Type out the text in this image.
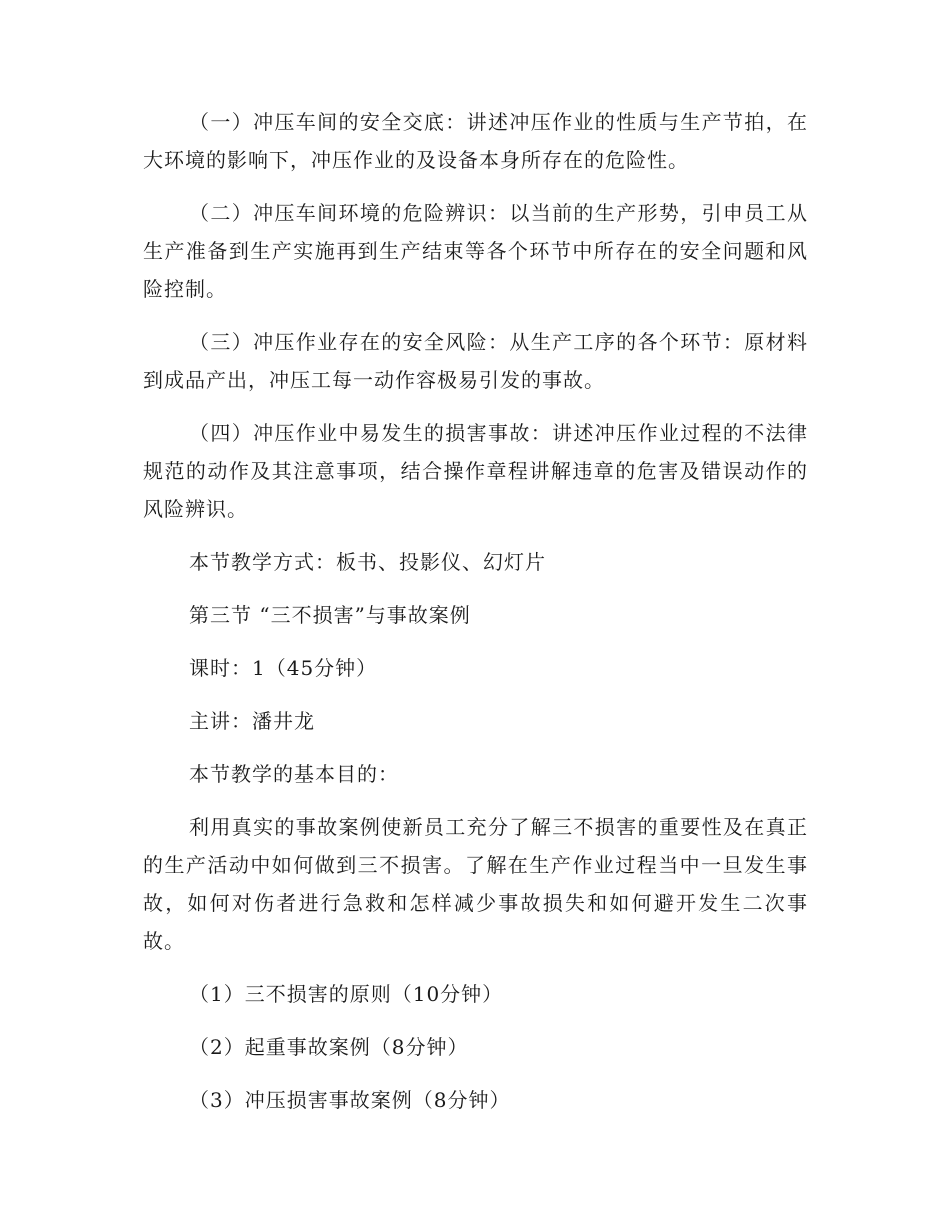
（一）冲压车间的安全交底：讲述冲压作业的性质与生产节拍，在大环境的影响下，冲压作业的及设备本身所存在的危险性。

（二）冲压车间环境的危险辨识：以当前的生产形势，引申员工从生产准备到生产实施再到生产结束等各个环节中所存在的安全问题和风险控制。

（三）冲压作业存在的安全风险：从生产工序的各个环节：原材料到成品产出，冲压工每一动作容极易引发的事故。

（四）冲压作业中易发生的损害事故：讲述冲压作业过程的不法律规范的动作及其注意事项，结合操作章程讲解违章的危害及错误动作的风险辨识。

本节教学方式：板书、投影仪、幻灯片

第三节 “三不损害”与事故案例

课时：1（45分钟）

主讲：潘井龙

本节教学的基本目的：

利用真实的事故案例使新员工充分了解三不损害的重要性及在真正的生产活动中如何做到三不损害。了解在生产作业过程当中一旦发生事故，如何对伤者进行急救和怎样减少事故损失和如何避开发生二次事故。

（1）三不损害的原则（10分钟）

（2）起重事故案例（8分钟）

（3）冲压损害事故案例（8分钟）
